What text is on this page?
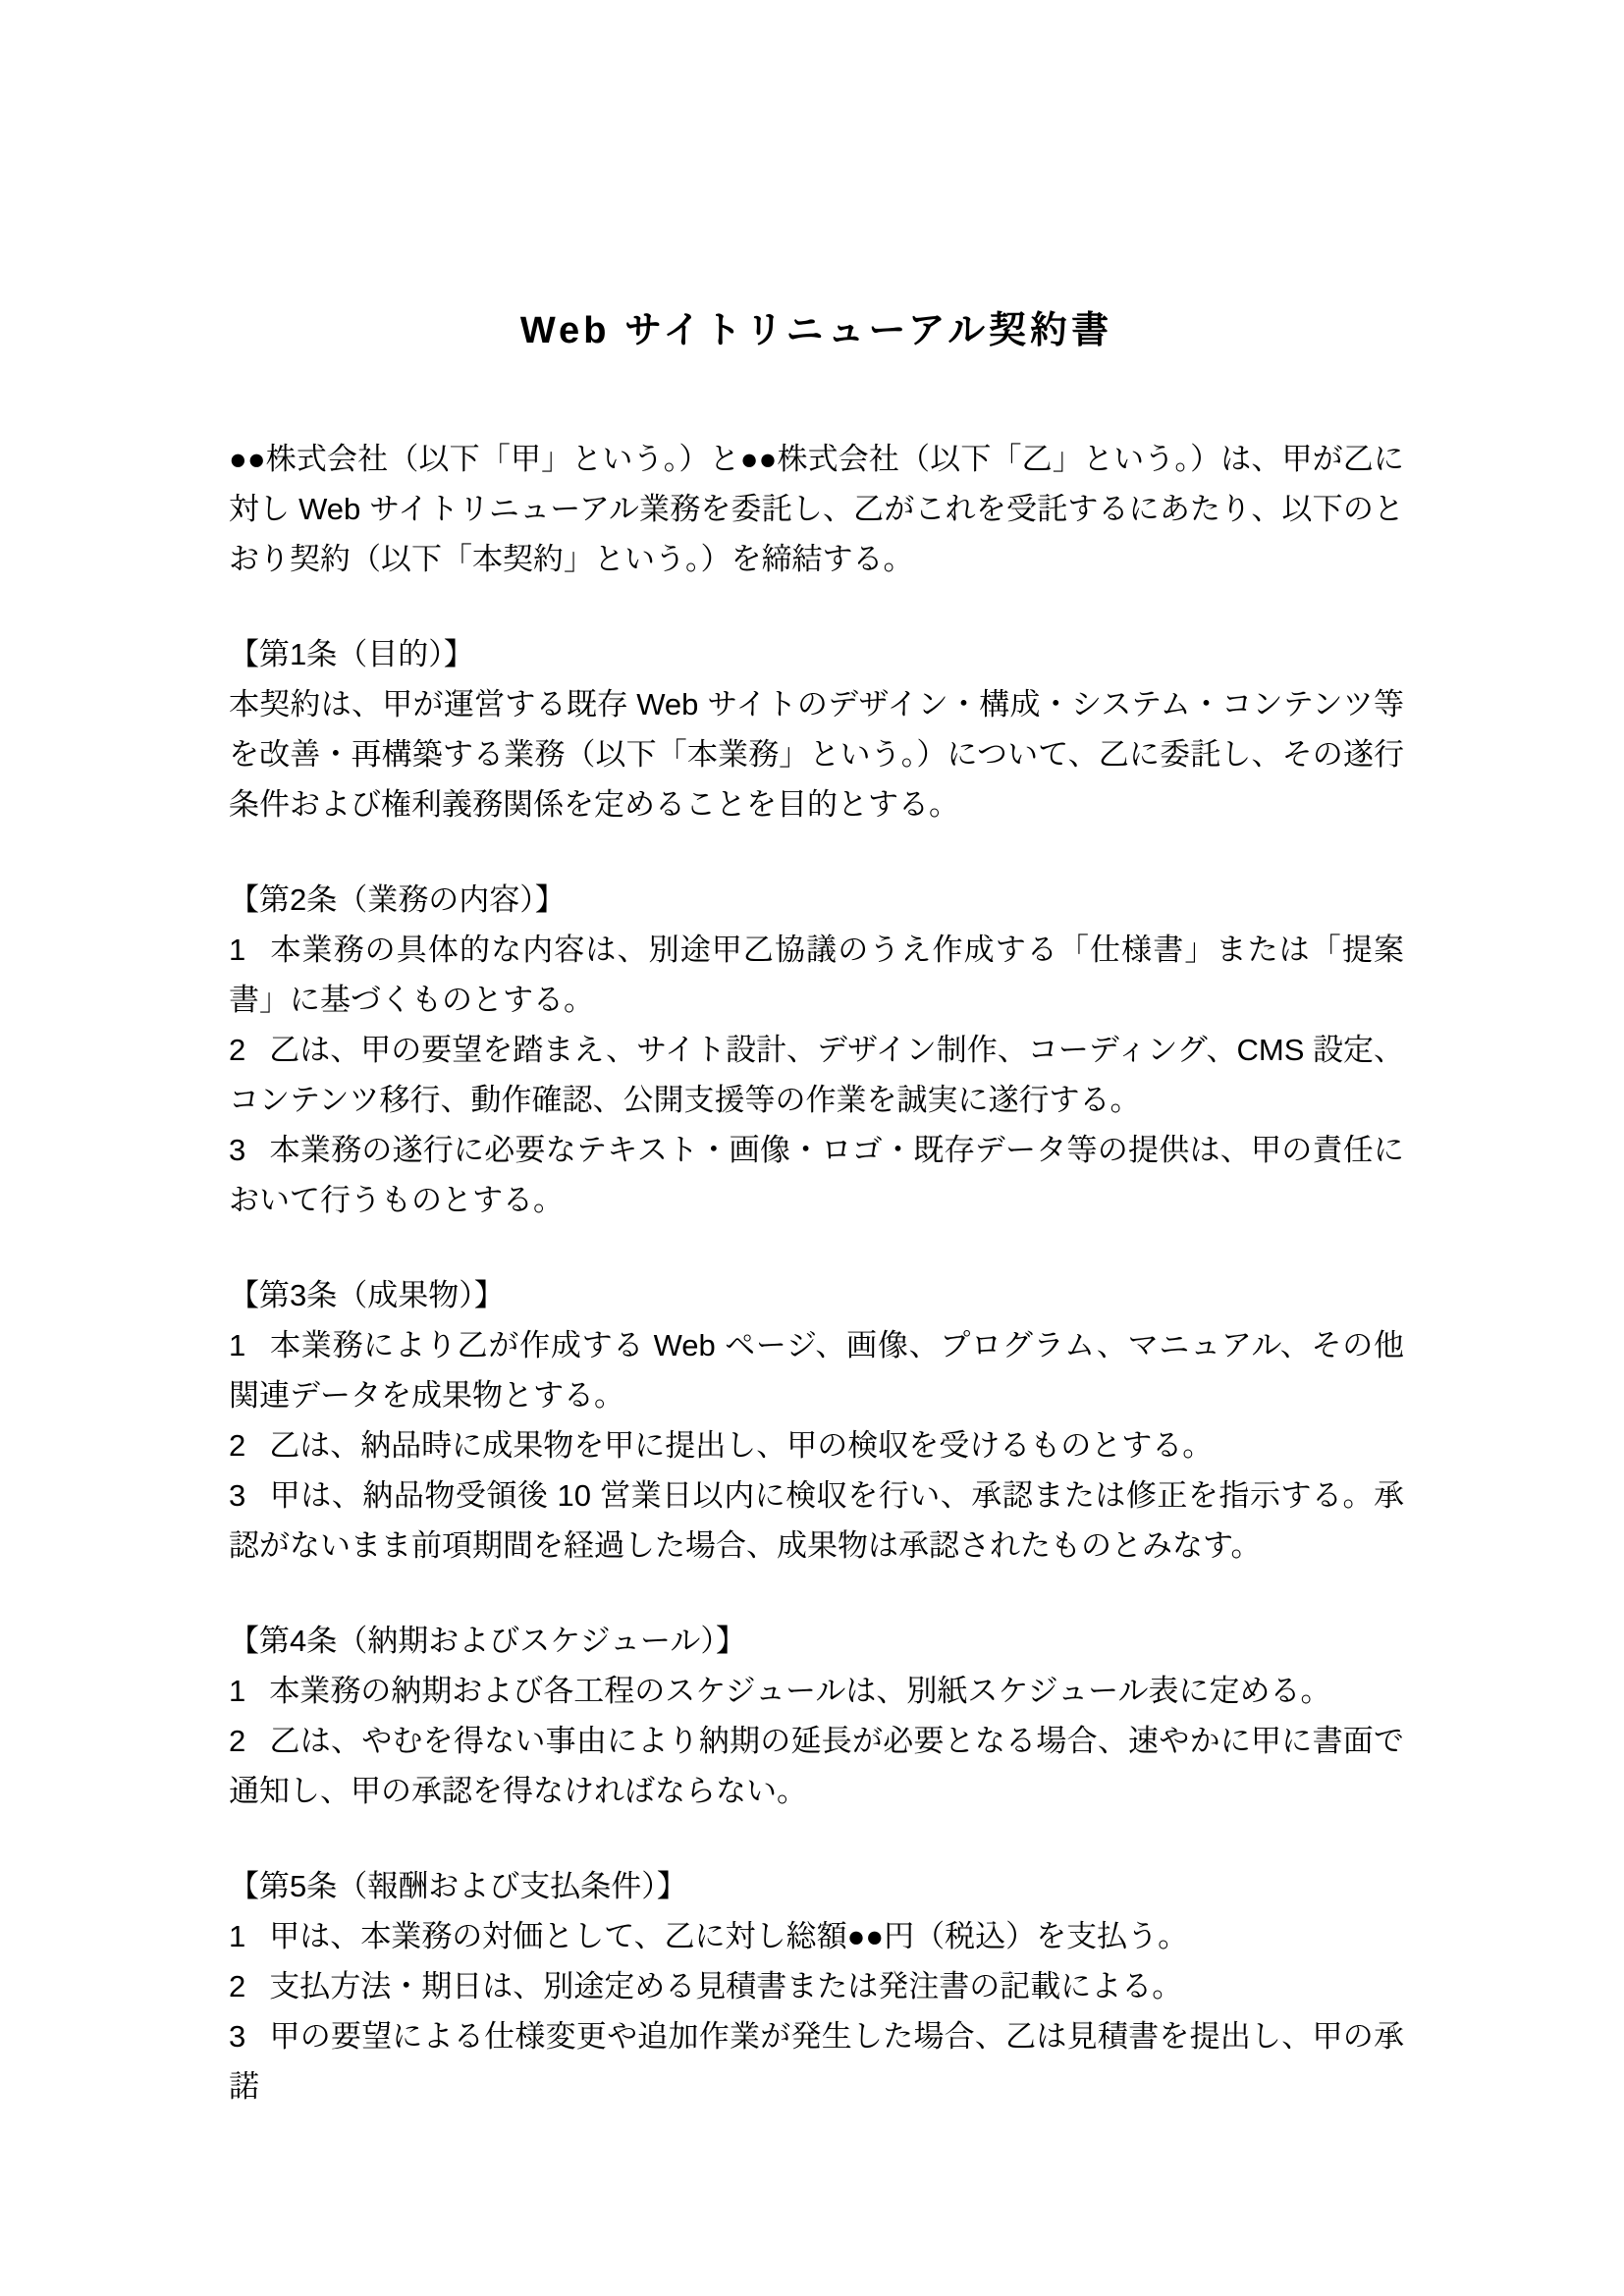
Web サイトリニューアル契約書

●●株式会社（以下「甲」という。）と●●株式会社（以下「乙」という。）は、甲が乙に対し Web サイトリニューアル業務を委託し、乙がこれを受託するにあたり、以下のとおり契約（以下「本契約」という。）を締結する。

【第1条（目的）】

本契約は、甲が運営する既存 Web サイトのデザイン・構成・システム・コンテンツ等を改善・再構築する業務（以下「本業務」という。）について、乙に委託し、その遂行条件および権利義務関係を定めることを目的とする。

【第2条（業務の内容）】

1 本業務の具体的な内容は、別途甲乙協議のうえ作成する「仕様書」または「提案書」に基づくものとする。

2 乙は、甲の要望を踏まえ、サイト設計、デザイン制作、コーディング、CMS 設定、コンテンツ移行、動作確認、公開支援等の作業を誠実に遂行する。

3 本業務の遂行に必要なテキスト・画像・ロゴ・既存データ等の提供は、甲の責任において行うものとする。

【第3条（成果物）】

1 本業務により乙が作成する Web ページ、画像、プログラム、マニュアル、その他関連データを成果物とする。

2 乙は、納品時に成果物を甲に提出し、甲の検収を受けるものとする。

3 甲は、納品物受領後 10 営業日以内に検収を行い、承認または修正を指示する。承認がないまま前項期間を経過した場合、成果物は承認されたものとみなす。

【第4条（納期およびスケジュール）】

1 本業務の納期および各工程のスケジュールは、別紙スケジュール表に定める。

2 乙は、やむを得ない事由により納期の延長が必要となる場合、速やかに甲に書面で通知し、甲の承認を得なければならない。

【第5条（報酬および支払条件）】

1 甲は、本業務の対価として、乙に対し総額●●円（税込）を支払う。

2 支払方法・期日は、別途定める見積書または発注書の記載による。

3 甲の要望による仕様変更や追加作業が発生した場合、乙は見積書を提出し、甲の承諾
